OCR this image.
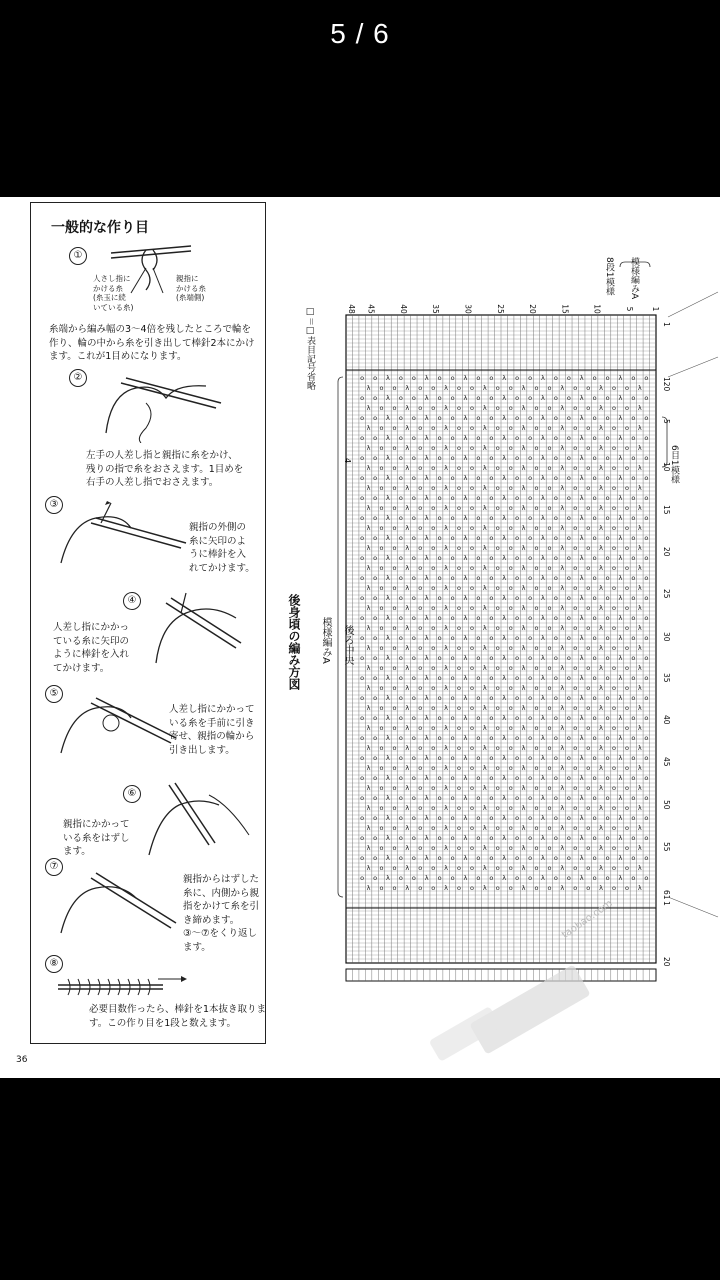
5 / 6
一般的な作り目
①
人さし指に
かける糸
(糸玉に続
いている糸)
親指に
かける糸
(糸端側)
糸端から編み幅の3～4倍を残したところで輪を
作り、輪の中から糸を引き出して棒針2本にかけ
ます。これが1目めになります。
②
左手の人差し指と親指に糸をかけ、
残りの指で糸をおさえます。1目めを
右手の人差し指でおさえます。
③
親指の外側の
糸に矢印のよ
うに棒針を入
れてかけます。
④
人差し指にかかっ
ている糸に矢印の
ように棒針を入れ
てかけます。
⑤
人差し指にかかって
いる糸を手前に引き
寄せ、親指の輪から
引き出します。
⑥
親指にかかって
いる糸をはずし
ます。
⑦
親指からはずした
糸に、内側から親
指をかけて糸を引
き締めます。
③～⑦をくり返し
ます。
⑧
必要目数作ったら、棒針を1本抜き取りま
す。この作り目を1段と数えます。
36
o
o
o
o
o
o
o
o
o
o
o
o
o
o
o
o
o
o
o
o
o
o
o
o
o
o
λ
λ
λ
λ
λ
λ
λ
λ
λ
λ
λ
λ
λ
λ
λ
λ
λ
λ
λ
λ
λ
λ
λ
λ
λ
λ
o
o
o
o
o
o
o
o
o
o
o
o
o
o
o
o
o
o
o
o
o
o
o
o
o
o
o
o
o
o
o
o
o
o
o
o
o
o
o
o
o
o
o
o
o
o
o
o
o
o
o
o
λ
λ
λ
λ
λ
λ
λ
λ
λ
λ
λ
λ
λ
λ
λ
λ
λ
λ
λ
λ
λ
λ
λ
λ
λ
λ
o
o
o
o
o
o
o
o
o
o
o
o
o
o
o
o
o
o
o
o
o
o
o
o
o
o
o
o
o
o
o
o
o
o
o
o
o
o
o
o
o
o
o
o
o
o
o
o
o
o
o
o
λ
λ
λ
λ
λ
λ
λ
λ
λ
λ
λ
λ
λ
λ
λ
λ
λ
λ
λ
λ
λ
λ
λ
λ
λ
λ
o
o
o
o
o
o
o
o
o
o
o
o
o
o
o
o
o
o
o
o
o
o
o
o
o
o
o
o
o
o
o
o
o
o
o
o
o
o
o
o
o
o
o
o
o
o
o
o
o
o
o
o
λ
λ
λ
λ
λ
λ
λ
λ
λ
λ
λ
λ
λ
λ
λ
λ
λ
λ
λ
λ
λ
λ
λ
λ
λ
λ
o
o
o
o
o
o
o
o
o
o
o
o
o
o
o
o
o
o
o
o
o
o
o
o
o
o
o
o
o
o
o
o
o
o
o
o
o
o
o
o
o
o
o
o
o
o
o
o
o
o
o
o
λ
λ
λ
λ
λ
λ
λ
λ
λ
λ
λ
λ
λ
λ
λ
λ
λ
λ
λ
λ
λ
λ
λ
λ
λ
λ
o
o
o
o
o
o
o
o
o
o
o
o
o
o
o
o
o
o
o
o
o
o
o
o
o
o
o
o
o
o
o
o
o
o
o
o
o
o
o
o
o
o
o
o
o
o
o
o
o
o
o
o
λ
λ
λ
λ
λ
λ
λ
λ
λ
λ
λ
λ
λ
λ
λ
λ
λ
λ
λ
λ
λ
λ
λ
λ
λ
λ
o
o
o
o
o
o
o
o
o
o
o
o
o
o
o
o
o
o
o
o
o
o
o
o
o
o
o
o
o
o
o
o
o
o
o
o
o
o
o
o
o
o
o
o
o
o
o
o
o
o
o
o
λ
λ
λ
λ
λ
λ
λ
λ
λ
λ
λ
λ
λ
λ
λ
λ
λ
λ
λ
λ
λ
λ
λ
λ
λ
λ
o
o
o
o
o
o
o
o
o
o
o
o
o
o
o
o
o
o
o
o
o
o
o
o
o
o
o
o
o
o
o
o
o
o
o
o
o
o
o
o
o
o
o
o
o
o
o
o
o
o
o
o
λ
λ
λ
λ
λ
λ
λ
λ
λ
λ
λ
λ
λ
λ
λ
λ
λ
λ
λ
λ
λ
λ
λ
λ
λ
λ
o
o
o
o
o
o
o
o
o
o
o
o
o
o
o
o
o
o
o
o
o
o
o
o
o
o
o
o
o
o
o
o
o
o
o
o
o
o
o
o
o
o
o
o
o
o
o
o
o
o
o
o
λ
λ
λ
λ
λ
λ
λ
λ
λ
λ
λ
λ
λ
λ
λ
λ
λ
λ
λ
λ
λ
λ
λ
λ
λ
λ
o
o
o
o
o
o
o
o
o
o
o
o
o
o
o
o
o
o
o
o
o
o
o
o
o
o
o
o
o
o
o
o
o
o
o
o
o
o
o
o
o
o
o
o
o
o
o
o
o
o
o
o
λ
λ
λ
λ
λ
λ
λ
λ
λ
λ
λ
λ
λ
λ
λ
λ
λ
λ
λ
λ
λ
λ
λ
λ
λ
λ
o
o
o
o
o
o
o
o
o
o
o
o
o
o
o
o
o
o
o
o
o
o
o
o
o
o
o
o
o
o
o
o
o
o
o
o
o
o
o
o
o
o
o
o
o
o
o
o
o
o
o
o
λ
λ
λ
λ
λ
λ
λ
λ
λ
λ
λ
λ
λ
λ
λ
λ
λ
λ
λ
λ
λ
λ
λ
λ
λ
λ
o
o
o
o
o
o
o
o
o
o
o
o
o
o
o
o
o
o
o
o
o
o
o
o
o
o
o
o
o
o
o
o
o
o
o
o
o
o
o
o
o
o
o
o
o
o
o
o
o
o
o
o
λ
λ
λ
λ
λ
λ
λ
λ
λ
λ
λ
λ
λ
λ
λ
λ
λ
λ
λ
λ
λ
λ
λ
λ
λ
λ
o
o
o
o
o
o
o
o
o
o
o
o
o
o
o
o
o
o
o
o
o
o
o
o
o
o
o
o
o
o
o
o
o
o
o
o
o
o
o
o
o
o
o
o
o
o
o
o
o
o
o
o
λ
λ
λ
λ
λ
λ
λ
λ
λ
λ
λ
λ
λ
λ
λ
λ
λ
λ
λ
λ
λ
λ
λ
λ
λ
λ
o
o
o
o
o
o
o
o
o
o
o
o
o
o
o
o
o
o
o
o
o
o
o
o
o
o
o
o
o
o
o
o
o
o
o
o
o
o
o
o
o
o
o
o
o
o
o
o
o
o
o
o
λ
λ
λ
λ
λ
λ
λ
λ
λ
λ
λ
λ
λ
λ
λ
λ
λ
λ
λ
λ
λ
λ
λ
λ
λ
λ
o
o
o
o
o
o
o
o
o
o
o
o
o
o
o
o
o
o
o
o
o
o
o
o
o
o
o
o
o
o
o
o
o
o
o
o
o
o
o
o
o
o
o
o
o
o
o
o
o
o
o
o
λ
λ
λ
λ
λ
λ
λ
λ
λ
λ
λ
λ
λ
λ
λ
λ
λ
λ
λ
λ
λ
λ
λ
λ
λ
λ
o
o
o
o
o
o
o
o
o
o
o
o
o
o
o
o
o
o
o
o
o
o
o
o
o
o
1
5
10
15
20
25
30
35
40
45
48
1
120
5
10
15
20
25
30
35
40
45
50
55
61
1
20
□＝□表目記号省略
後身頃の編み方図 模様編みA 後ろ中央
8段1模様 模様編みA
6目1模様
4
taobao.com
